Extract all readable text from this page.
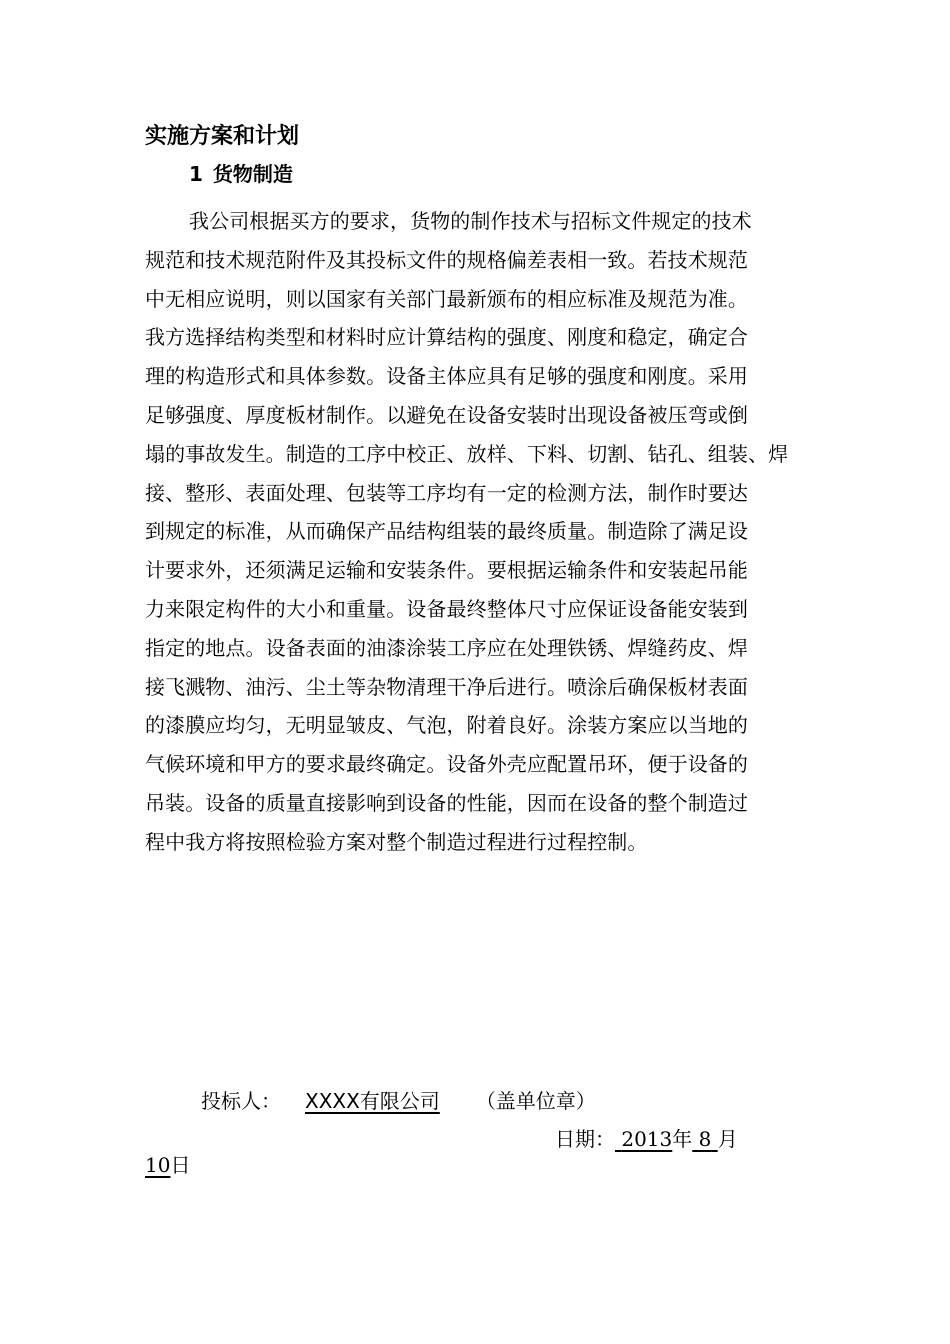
实施方案和计划
1 货物制造
我公司根据买方的要求，货物的制作技术与招标文件规定的技术
规范和技术规范附件及其投标文件的规格偏差表相一致。若技术规范
中无相应说明，则以国家有关部门最新颁布的相应标准及规范为准。
我方选择结构类型和材料时应计算结构的强度、刚度和稳定，确定合
理的构造形式和具体参数。设备主体应具有足够的强度和刚度。采用
足够强度、厚度板材制作。以避免在设备安装时出现设备被压弯或倒
塌的事故发生。制造的工序中校正、放样、下料、切割、钻孔、组装、焊
接、整形、表面处理、包装等工序均有一定的检测方法，制作时要达
到规定的标准，从而确保产品结构组装的最终质量。制造除了满足设
计要求外，还须满足运输和安装条件。要根据运输条件和安装起吊能
力来限定构件的大小和重量。设备最终整体尺寸应保证设备能安装到
指定的地点。设备表面的油漆涂装工序应在处理铁锈、焊缝药皮、焊
接飞溅物、油污、尘土等杂物清理干净后进行。喷涂后确保板材表面
的漆膜应均匀，无明显皱皮、气泡，附着良好。涂装方案应以当地的
气候环境和甲方的要求最终确定。设备外壳应配置吊环，便于设备的
吊装。设备的质量直接影响到设备的性能，因而在设备的整个制造过
程中我方将按照检验方案对整个制造过程进行过程控制。
投标人： XXXX有限公司 （盖单位章）
日期： 2013年 8 月
10日
